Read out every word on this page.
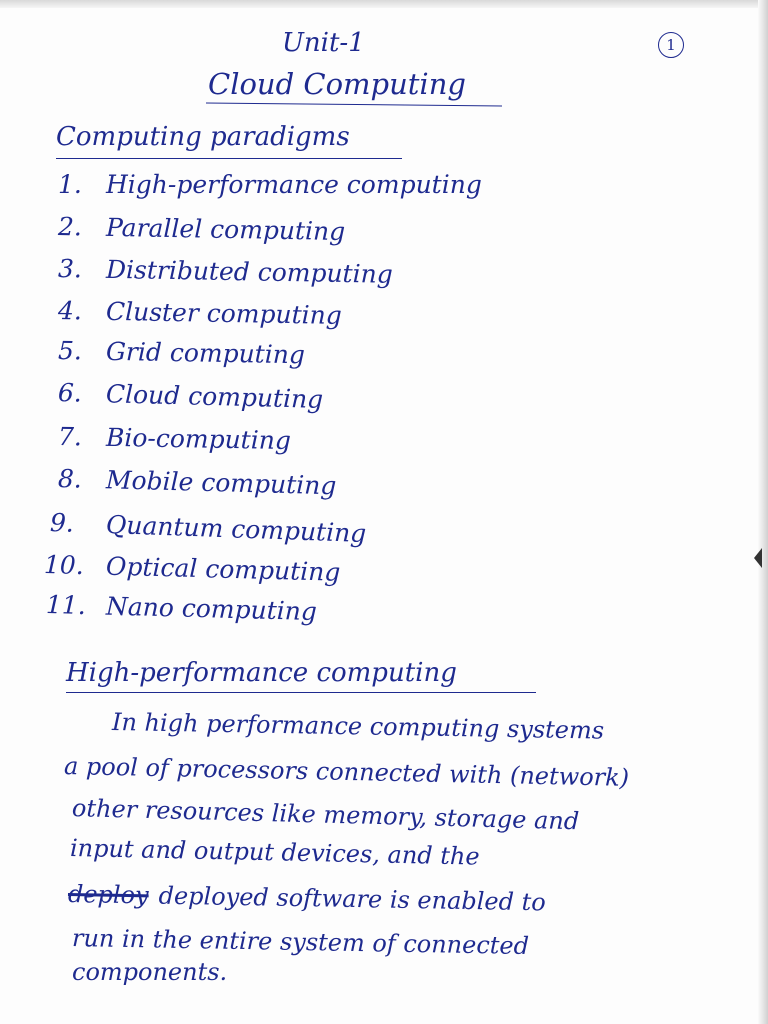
Unit-1	1
Cloud Computing
Computing paradigms
1. High-performance computing
2. Parallel computing
3. Distributed computing
4. Cluster computing
5. Grid computing
6. Cloud computing
7. Bio-computing
8. Mobile computing
9. Quantum computing
10. Optical computing
11. Nano computing
High-performance computing
In high performance computing systems
a pool of processors connected with (network)
other resources like memory, storage and
input and output devices, and the
deploy deployed software is enabled to
run in the entire system of connected
components.
